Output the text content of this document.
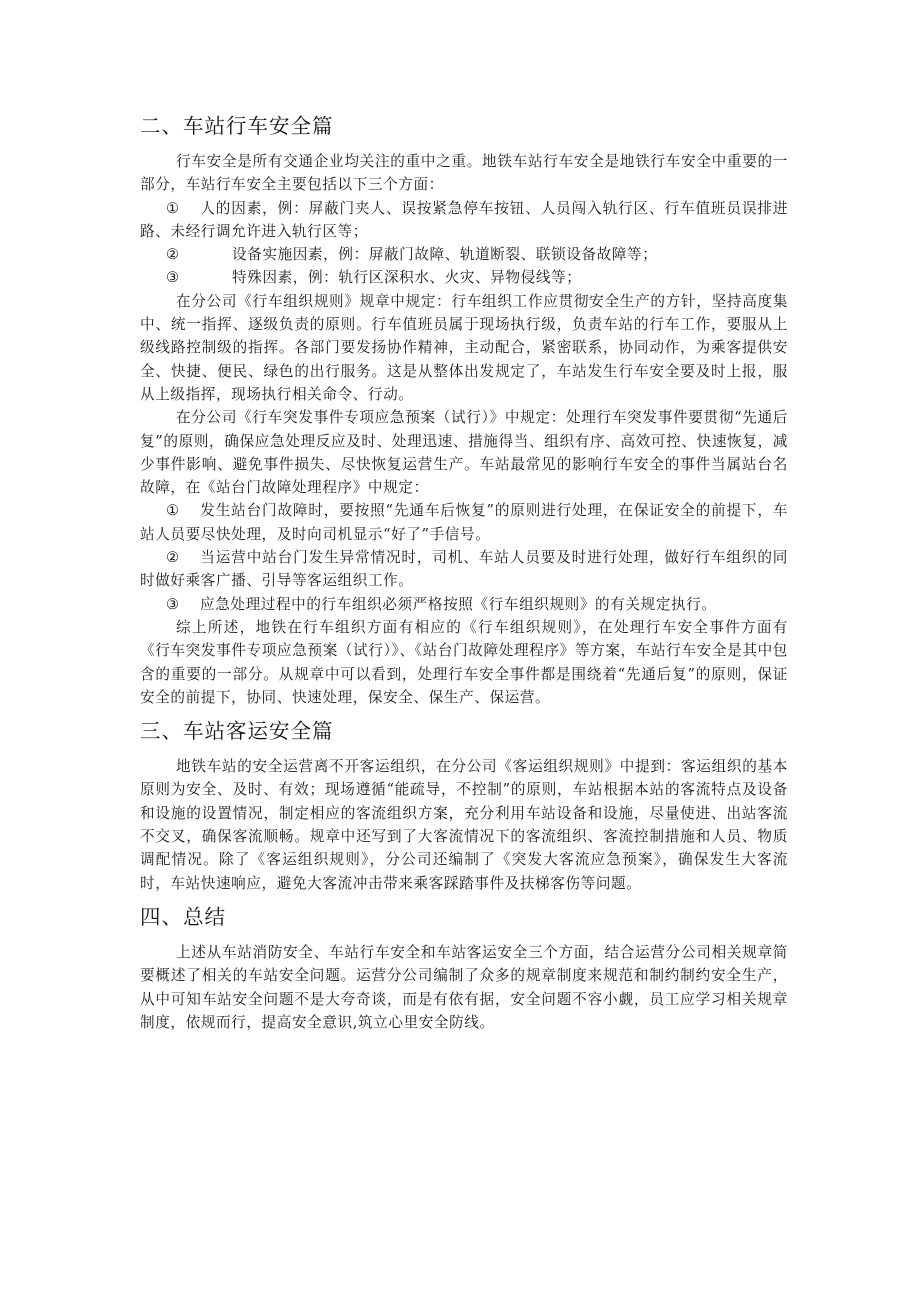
二、车站行车安全篇

行车安全是所有交通企业均关注的重中之重。地铁车站行车安全是地铁行车安全中重要的一部分，车站行车安全主要包括以下三个方面：

① 人的因素，例：屏蔽门夹人、误按紧急停车按钮、人员闯入轨行区、行车值班员误排进路、未经行调允许进入轨行区等；
②	设备实施因素，例：屏蔽门故障、轨道断裂、联锁设备故障等；
③	特殊因素，例：轨行区深积水、火灾、异物侵线等；

在分公司《行车组织规则》规章中规定：行车组织工作应贯彻安全生产的方针，坚持高度集中、统一指挥、逐级负责的原则。行车值班员属于现场执行级，负责车站的行车工作，要服从上级线路控制级的指挥。各部门要发扬协作精神，主动配合，紧密联系，协同动作，为乘客提供安全、快捷、便民、绿色的出行服务。这是从整体出发规定了，车站发生行车安全要及时上报，服从上级指挥，现场执行相关命令、行动。

在分公司《行车突发事件专项应急预案（试行）》中规定：处理行车突发事件要贯彻“先通后复”的原则，确保应急处理反应及时、处理迅速、措施得当、组织有序、高效可控、快速恢复，减少事件影响、避免事件损失、尽快恢复运营生产。车站最常见的影响行车安全的事件当属站台名故障，在《站台门故障处理程序》中规定：

① 发生站台门故障时，要按照“先通车后恢复”的原则进行处理，在保证安全的前提下，车站人员要尽快处理，及时向司机显示“好了”手信号。
② 当运营中站台门发生异常情况时，司机、车站人员要及时进行处理，做好行车组织的同时做好乘客广播、引导等客运组织工作。
③ 应急处理过程中的行车组织必须严格按照《行车组织规则》的有关规定执行。

综上所述，地铁在行车组织方面有相应的《行车组织规则》，在处理行车安全事件方面有《行车突发事件专项应急预案（试行）》、《站台门故障处理程序》等方案，车站行车安全是其中包含的重要的一部分。从规章中可以看到，处理行车安全事件都是围绕着“先通后复”的原则，保证安全的前提下，协同、快速处理，保安全、保生产、保运营。

三、车站客运安全篇

地铁车站的安全运营离不开客运组织，在分公司《客运组织规则》中提到：客运组织的基本原则为安全、及时、有效；现场遵循“能疏导，不控制”的原则，车站根据本站的客流特点及设备和设施的设置情况，制定相应的客流组织方案，充分利用车站设备和设施，尽量使进、出站客流不交叉，确保客流顺畅。规章中还写到了大客流情况下的客流组织、客流控制措施和人员、物质调配情况。除了《客运组织规则》，分公司还编制了《突发大客流应急预案》，确保发生大客流时，车站快速响应，避免大客流冲击带来乘客踩踏事件及扶梯客伤等问题。

四、总结

上述从车站消防安全、车站行车安全和车站客运安全三个方面，结合运营分公司相关规章简要概述了相关的车站安全问题。运营分公司编制了众多的规章制度来规范和制约制约安全生产，从中可知车站安全问题不是大夸奇谈，而是有依有据，安全问题不容小觑，员工应学习相关规章制度，依规而行，提高安全意识,筑立心里安全防线。
